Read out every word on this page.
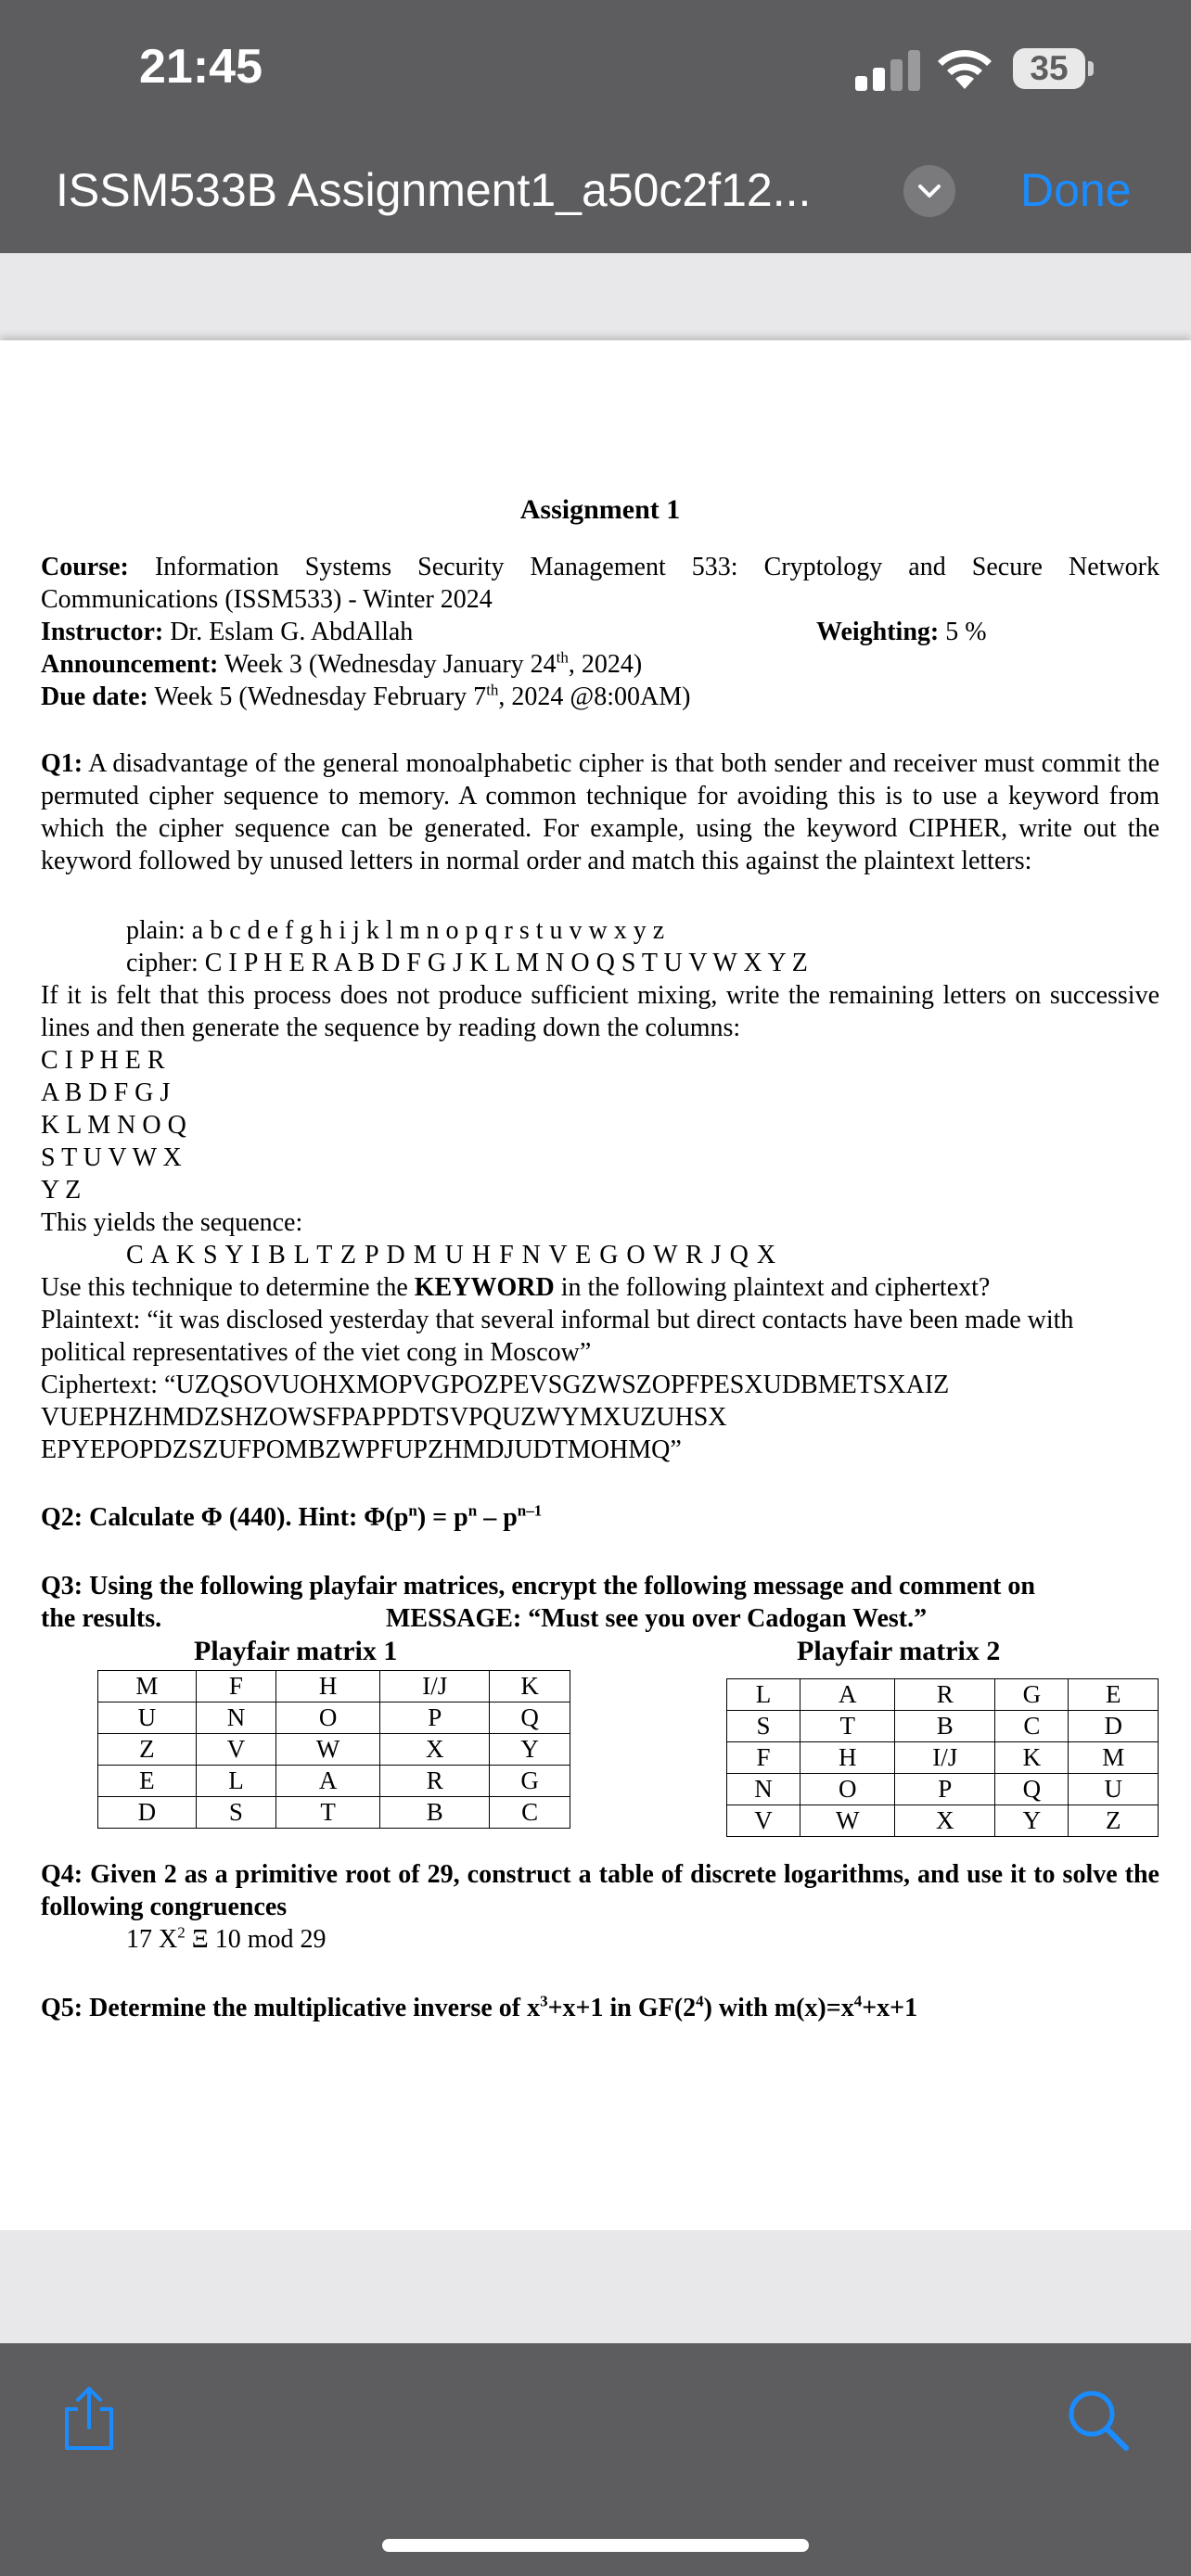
21:45	35
ISSM533B Assignment1_a50c2f12...	Done
Assignment 1
Course: Information Systems Security Management 533: Cryptology and Secure Network Communications (ISSM533) - Winter 2024
Instructor: Dr. Eslam G. AbdAllah	Weighting: 5 %
Announcement: Week 3 (Wednesday January 24th, 2024)
Due date: Week 5 (Wednesday February 7th, 2024 @8:00AM)
Q1: A disadvantage of the general monoalphabetic cipher is that both sender and receiver must commit the permuted cipher sequence to memory. A common technique for avoiding this is to use a keyword from which the cipher sequence can be generated. For example, using the keyword CIPHER, write out the keyword followed by unused letters in normal order and match this against the plaintext letters:
plain: a b c d e f g h i j k l m n o p q r s t u v w x y z
cipher: C I P H E R A B D F G J K L M N O Q S T U V W X Y Z
If it is felt that this process does not produce sufficient mixing, write the remaining letters on successive lines and then generate the sequence by reading down the columns:
C I P H E R
A B D F G J
K L M N O Q
S T U V W X
Y Z
This yields the sequence:
C A K S Y I B L T Z P D M U H F N V E G O W R J Q X
Use this technique to determine the KEYWORD in the following plaintext and ciphertext?
Plaintext: “it was disclosed yesterday that several informal but direct contacts have been made with political representatives of the viet cong in Moscow”
Ciphertext: “UZQSOVUOHXMOPVGPOZPEVSGZWSZOPFPESXUDBMETSXAIZ
VUEPHZHMDZSHZOWSFPAPPDTSVPQUZWYMXUZUHSX
EPYEPOPDZSZUFPOMBZWPFUPZHMDJUDTMOHMQ”
Q2: Calculate Φ (440). Hint: $\Phi(p^n) = p^n - p^{n-1}$
Q3: Using the following playfair matrices, encrypt the following message and comment on
the results.	MESSAGE: “Must see you over Cadogan West.”
Playfair matrix 1	Playfair matrix 2
M	F	H	I/J	K
U	N	O	P	Q
Z	V	W	X	Y
E	L	A	R	G
D	S	T	B	C
L	A	R	G	E
S	T	B	C	D
F	H	I/J	K	M
N	O	P	Q	U
V	W	X	Y	Z
Q4: Given 2 as a primitive root of 29, construct a table of discrete logarithms, and use it to solve the following congruences
17 $X^2$ Ξ 10 mod 29
Q5: Determine the multiplicative inverse of $x^3+x+1$ in $GF(2^4)$ with $m(x)=x^4+x+1$
